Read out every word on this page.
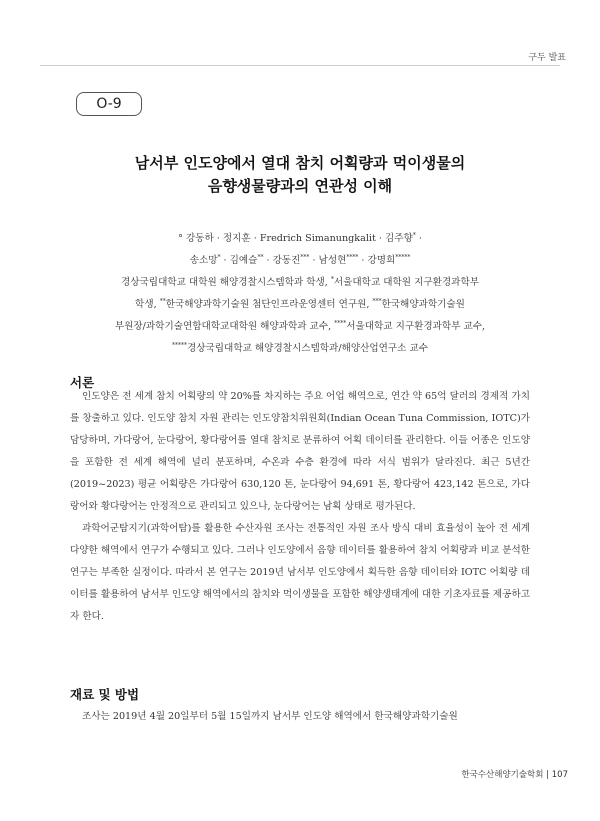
구두 발표
O-9
남서부 인도양에서 열대 참치 어획량과 먹이생물의
음향생물량과의 연관성 이해
° 강동하 · 정지훈 · Fredrich Simanungkalit · 김주향* ·
송소망* · 김예슬** · 강동진*** · 남성현**** · 강명희*****
경상국립대학교 대학원 해양경찰시스템학과 학생, *서울대학교 대학원 지구환경과학부
학생, **한국해양과학기술원 첨단인프라운영센터 연구원, ***한국해양과학기술원
부원장/과학기술연합대학교대학원 해양과학과 교수, ****서울대학교 지구환경과학부 교수,
*****경상국립대학교 해양경찰시스템학과/해양산업연구소 교수
서론

인도양은 전 세계 참치 어획량의 약 20%를 차지하는 주요 어업 해역으로, 연간 약 65억 달러의 경제적 가치를 창출하고 있다. 인도양 참치 자원 관리는 인도양참치위원회(Indian Ocean Tuna Commission, IOTC)가 담당하며, 가다랑어, 눈다랑어, 황다랑어를 열대 참치로 분류하여 어획 데이터를 관리한다. 이들 어종은 인도양을 포함한 전 세계 해역에 널리 분포하며, 수온과 수층 환경에 따라 서식 범위가 달라진다. 최근 5년간(2019~2023) 평균 어획량은 가다랑어 630,120 톤, 눈다랑어 94,691 톤, 황다랑어 423,142 톤으로, 가다랑어와 황다랑어는 안정적으로 관리되고 있으나, 눈다랑어는 남획 상태로 평가된다.

과학어군탐지기(과학어탐)를 활용한 수산자원 조사는 전통적인 자원 조사 방식 대비 효율성이 높아 전 세계 다양한 해역에서 연구가 수행되고 있다. 그러나 인도양에서 음향 데이터를 활용하여 참치 어획량과 비교 분석한 연구는 부족한 실정이다. 따라서 본 연구는 2019년 남서부 인도양에서 획득한 음향 데이터와 IOTC 어획량 데이터를 활용하여 남서부 인도양 해역에서의 참치와 먹이생물을 포함한 해양생태계에 대한 기초자료를 제공하고자 한다.

재료 및 방법

조사는 2019년 4월 20일부터 5월 15일까지 남서부 인도양 해역에서 한국해양과학기술원

한국수산해양기술학회 | 107
